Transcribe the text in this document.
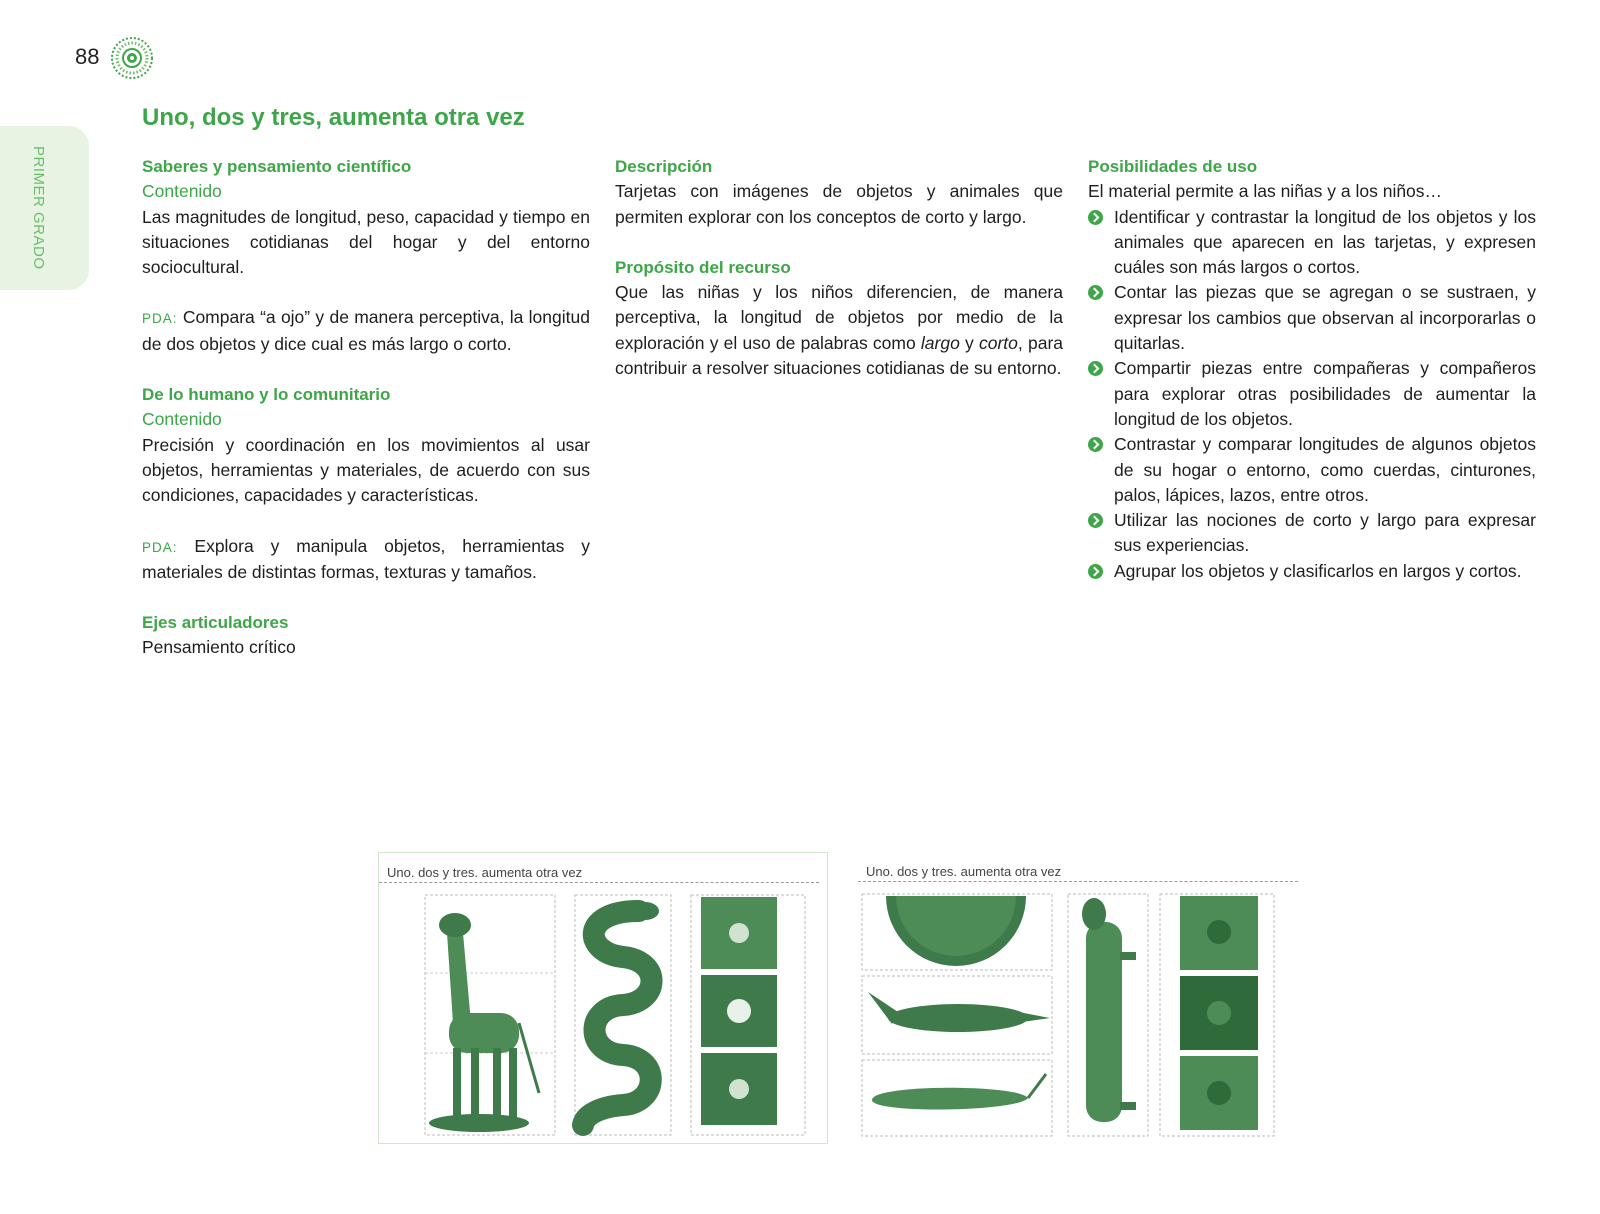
88
PRIMER GRADO
Uno, dos y tres, aumenta otra vez

Saberes y pensamiento científico

Contenido

Las magnitudes de longitud, peso, capacidad y tiempo en situaciones cotidianas del hogar y del entorno sociocultural.

PDA: Compara “a ojo” y de manera perceptiva, la longitud de dos objetos y dice cual es más largo o corto.

De lo humano y lo comunitario

Contenido

Precisión y coordinación en los movimientos al usar objetos, herramientas y materiales, de acuerdo con sus condiciones, capacidades y características.

PDA: Explora y manipula objetos, herramientas y materiales de distintas formas, texturas y tamaños.

Ejes articuladores

Pensamiento crítico

Descripción

Tarjetas con imágenes de objetos y animales que permiten explorar con los conceptos de corto y largo.

Propósito del recurso

Que las niñas y los niños diferencien, de manera perceptiva, la longitud de objetos por medio de la exploración y el uso de palabras como largo y corto, para contribuir a resolver situaciones cotidianas de su entorno.

Posibilidades de uso

El material permite a las niñas y a los niños…

Identificar y contrastar la longitud de los objetos y los animales que aparecen en las tarjetas, y expresen cuáles son más largos o cortos.
Contar las piezas que se agregan o se sustraen, y expresar los cambios que observan al incorporarlas o quitarlas.
Compartir piezas entre compañeras y compañeros para explorar otras posibilidades de aumentar la longitud de los objetos.
Contrastar y comparar longitudes de algunos objetos de su hogar o entorno, como cuerdas, cinturones, palos, lápices, lazos, entre otros.
Utilizar las nociones de corto y largo para expresar sus experiencias.
Agrupar los objetos y clasificarlos en largos y cortos.
Uno. dos y tres. aumenta otra vez	Uno. dos y tres. aumenta otra vez
